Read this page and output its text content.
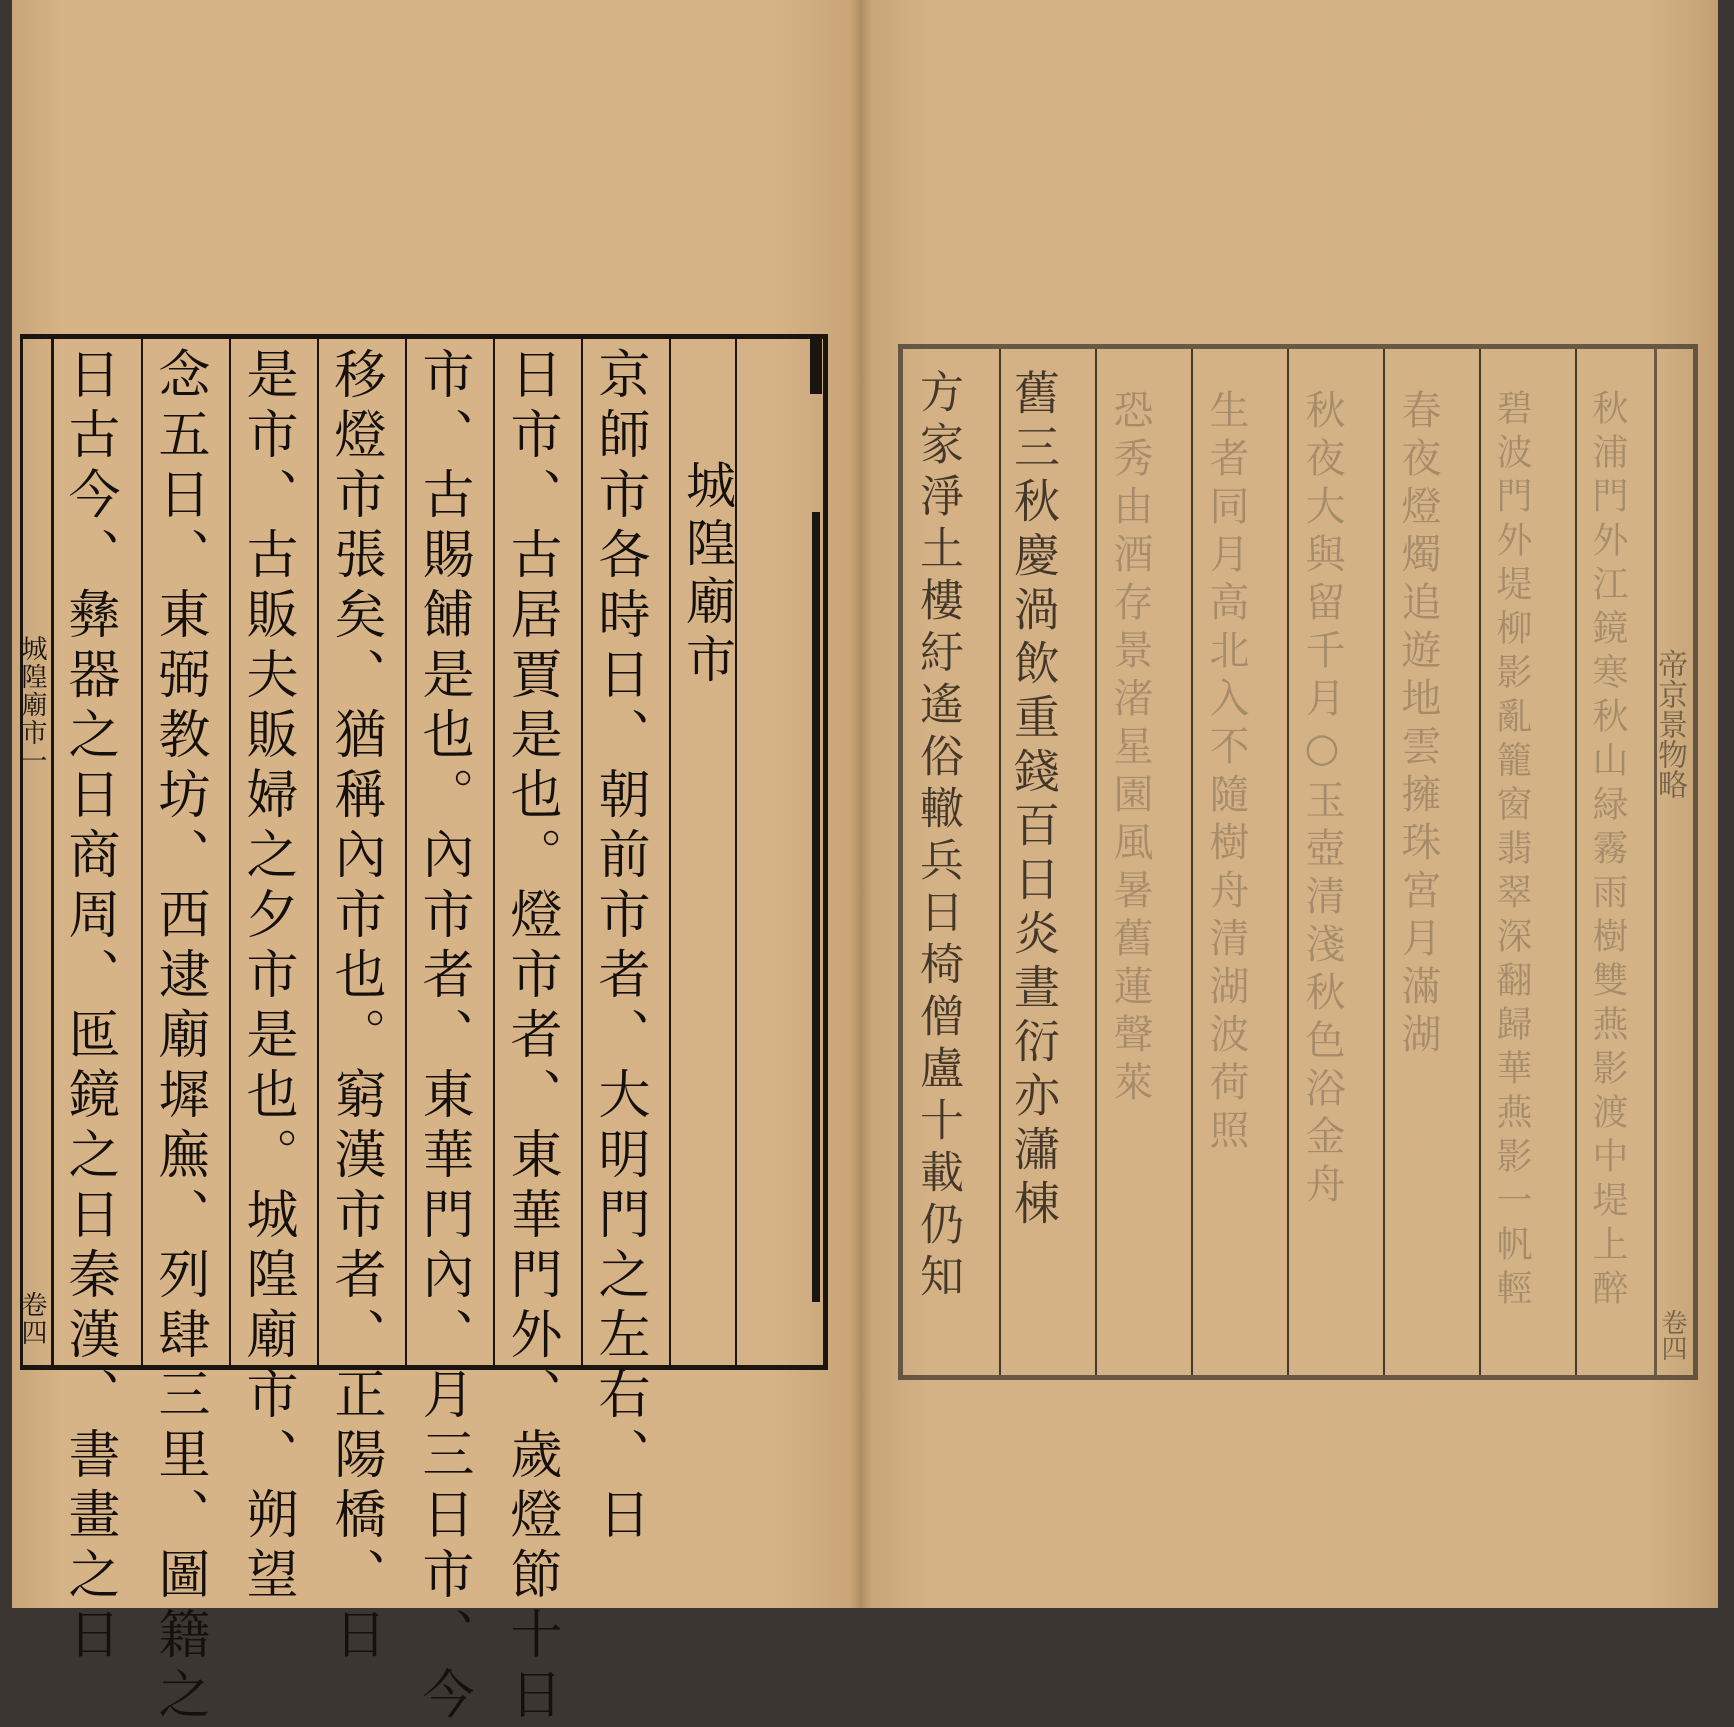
城隍廟市一
卷四 日古今、彝器之日商周、匜鏡之日秦漢、書畫之日 念五日、東弼教坊、西逮廟墀廡、列肆三里、圖籍之 是市、古販夫販婦之夕市是也。城隍廟市、朔望 移燈市張矣、猶稱內市也。窮漢市者、正陽橋、日 市、古賜餔是也。內市者、東華門內、月三日市、今 日市、古居賈是也。燈市者、東華門外、歲燈節十日 京師市各時日、朝前市者、大明門之左右、日 城隍廟市	方家淨土樓紆遙俗轍兵日椅僧盧十載仍知 舊三秋慶渦飲重錢百日炎晝衍亦瀟棟 恐秀由酒存景渚星園風暑舊蓮聲萊 生者同月高北入不隨樹舟清湖波荷照 秋夜大與留千月○玉壺清淺秋色浴金舟 春夜燈燭追遊地雲擁珠宮月滿湖 碧波門外堤柳影亂籠窗翡翠深翻歸華燕影一帆輕 秋浦門外江鏡寒秋山緑霧雨樹雙燕影渡中堤上醉 帝京景物略
卷四
